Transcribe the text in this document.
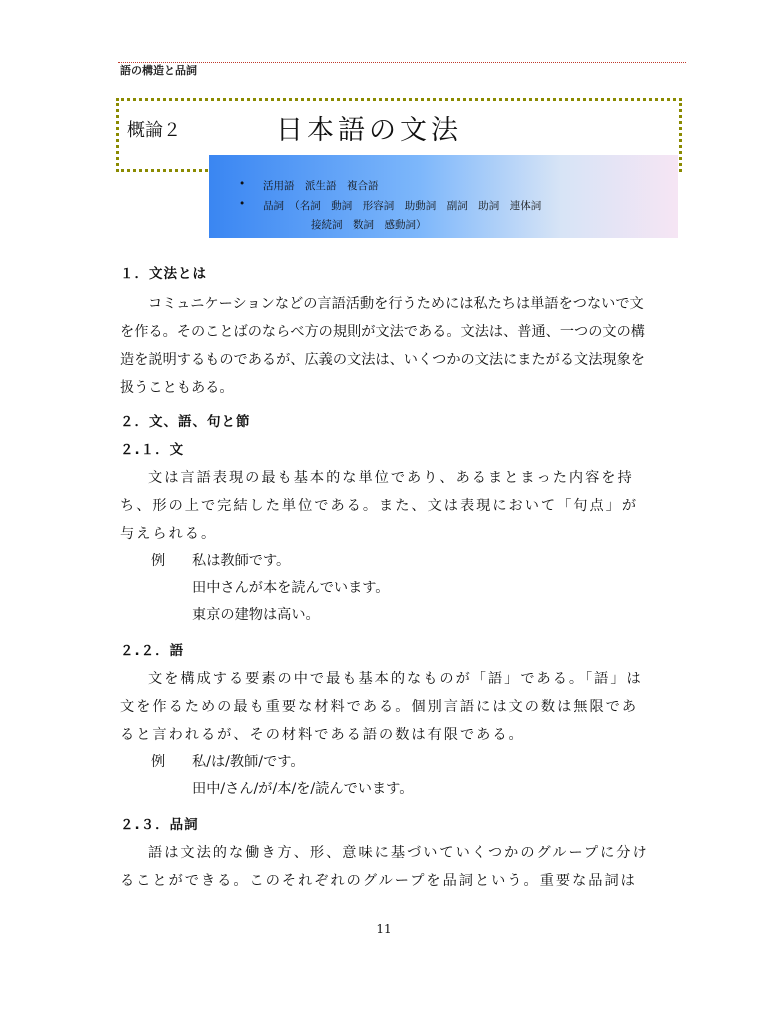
語の構造と品詞
概論２	日本語の文法
• 活用語　派生語　複合語
• 品詞　（名詞　動詞　形容詞　助動詞　副詞　助詞　連体詞
接続詞　数詞　感動詞）
１．文法とは
コミュニケーションなどの言語活動を行うためには私たちは単語をつないで文
を作る。そのことばのならべ方の規則が文法である。文法は、普通、一つの文の構
造を説明するものであるが、広義の文法は、いくつかの文法にまたがる文法現象を
扱うこともある。
２．文、語、句と節
２.１．文
文は言語表現の最も基本的な単位であり、あるまとまった内容を持
ち、形の上で完結した単位である。また、文は表現において「句点」が
与えられる。
例 私は教師です。
田中さんが本を読んでいます。
東京の建物は高い。
２.２．語
文を構成する要素の中で最も基本的なものが「語」である。「語」は
文を作るための最も重要な材料である。個別言語には文の数は無限であ
ると言われるが、その材料である語の数は有限である。
例 私/は/教師/です。
田中/さん/が/本/を/読んでいます。
２.３．品詞
語は文法的な働き方、形、意味に基づいていくつかのグループに分け
ることができる。このそれぞれのグループを品詞という。重要な品詞は
11
